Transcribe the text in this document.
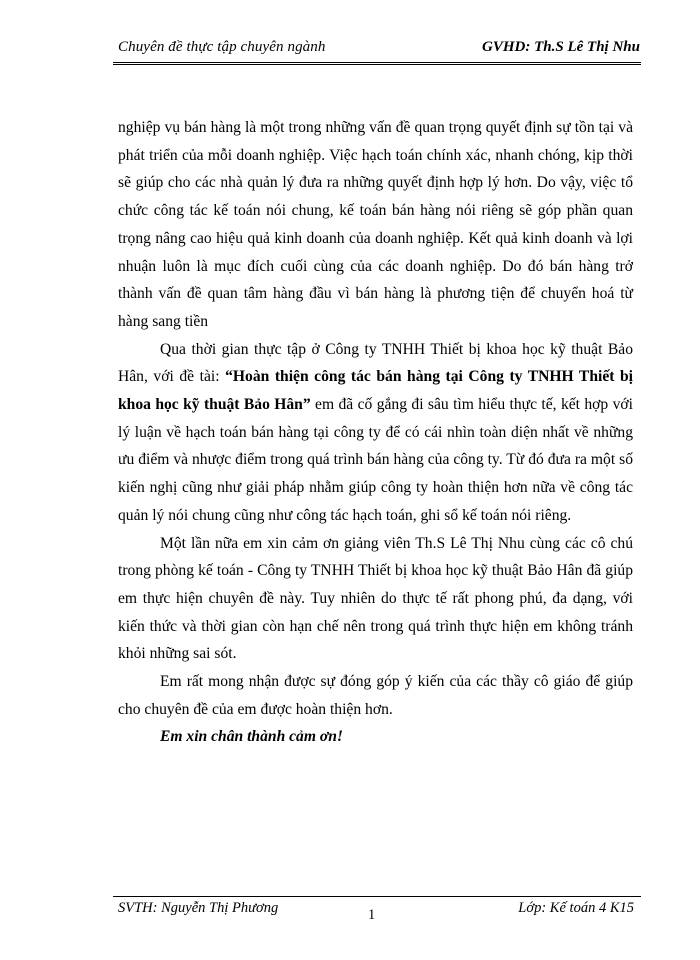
Chuyên đề thực tập chuyên ngành	GVHD: Th.S Lê Thị Nhu

nghiệp vụ bán hàng là một trong những vấn đề quan trọng quyết định sự tồn tại và phát triển của mỗi doanh nghiệp. Việc hạch toán chính xác, nhanh chóng, kịp thời sẽ giúp cho các nhà quản lý đưa ra những quyết định hợp lý hơn. Do vậy, việc tổ chức công tác kế toán nói chung, kế toán bán hàng nói riêng sẽ góp phần quan trọng nâng cao hiệu quả kinh doanh của doanh nghiệp. Kết quả kinh doanh và lợi nhuận luôn là mục đích cuối cùng của các doanh nghiệp. Do đó bán hàng trở thành vấn đề quan tâm hàng đầu vì bán hàng là phương tiện để chuyển hoá từ hàng sang tiền

Qua thời gian thực tập ở Công ty TNHH Thiết bị khoa học kỹ thuật Bảo Hân, với đề tài: “Hoàn thiện công tác bán hàng tại Công ty TNHH Thiết bị khoa học kỹ thuật Bảo Hân” em đã cố gắng đi sâu tìm hiểu thực tế, kết hợp với lý luận về hạch toán bán hàng tại công ty để có cái nhìn toàn diện nhất về những ưu điểm và nhược điểm trong quá trình bán hàng của công ty. Từ đó đưa ra một số kiến nghị cũng như giải pháp nhằm giúp công ty hoàn thiện hơn nữa về công tác quản lý nói chung cũng như công tác hạch toán, ghi sổ kế toán nói riêng.

Một lần nữa em xin cảm ơn giảng viên Th.S Lê Thị Nhu cùng các cô chú trong phòng kế toán - Công ty TNHH Thiết bị khoa học kỹ thuật Bảo Hân đã giúp em thực hiện chuyên đề này. Tuy nhiên do thực tế rất phong phú, đa dạng, với kiến thức và thời gian còn hạn chế nên trong quá trình thực hiện em không tránh khỏi những sai sót.

Em rất mong nhận được sự đóng góp ý kiến của các thầy cô giáo để giúp cho chuyên đề của em được hoàn thiện hơn.

Em xin chân thành cảm ơn!

SVTH: Nguyễn Thị Phương	1	Lớp: Kế toán 4 K15
